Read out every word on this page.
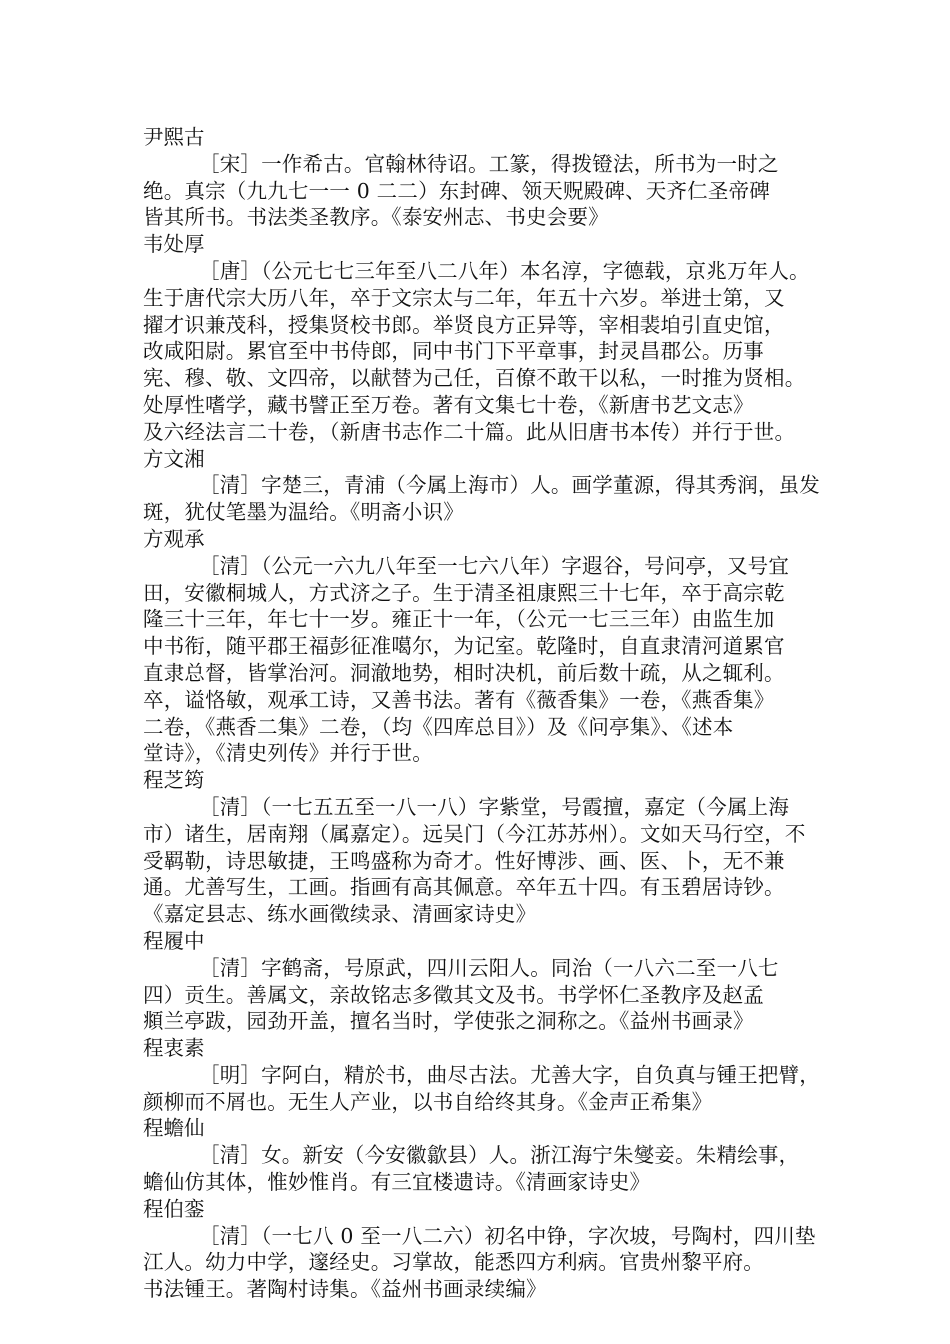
尹熙古
［宋］一作希古。官翰林待诏。工篆，得拨镫法，所书为一时之
绝。真宗（九九七一一 0 二二）东封碑、领天贶殿碑、天齐仁圣帝碑
皆其所书。书法类圣教序。《泰安州志、书史会要》
韦处厚
［唐］（公元七七三年至八二八年）本名淳，字德载，京兆万年人。
生于唐代宗大历八年，卒于文宗太与二年，年五十六岁。举进士第，又
擢才识兼茂科，授集贤校书郎。举贤良方正异等，宰相裴垍引直史馆，
改咸阳尉。累官至中书侍郎，同中书门下平章事，封灵昌郡公。历事
宪、穆、敬、文四帝，以献替为己任，百僚不敢干以私，一时推为贤相。
处厚性嗜学，藏书譬正至万卷。著有文集七十卷，《新唐书艺文志》
及六经法言二十卷，（新唐书志作二十篇。此从旧唐书本传）并行于世。
方文湘
［清］字楚三，青浦（今属上海市）人。画学董源，得其秀润，虽发
斑，犹仗笔墨为温给。《明斋小识》
方观承
［清］（公元一六九八年至一七六八年）字遐谷，号问亭，又号宜
田，安徽桐城人，方式济之子。生于清圣祖康熙三十七年，卒于高宗乾
隆三十三年，年七十一岁。雍正十一年，（公元一七三三年）由监生加
中书衔，随平郡王福彭征准噶尔，为记室。乾隆时，自直隶清河道累官
直隶总督，皆掌治河。洞澈地势，相时决机，前后数十疏，从之辄利。
卒，谥恪敏，观承工诗，又善书法。著有《薇香集》一卷，《燕香集》
二卷，《燕香二集》二卷，（均《四库总目》）及《问亭集》、《述本
堂诗》，《清史列传》并行于世。
程芝筠
［清］（一七五五至一八一八）字紫堂，号霞擅，嘉定（今属上海
市）诸生，居南翔（属嘉定）。远吴门（今江苏苏州）。文如天马行空，不
受羁勒，诗思敏捷，王鸣盛称为奇才。性好博涉、画、医、卜，无不兼
通。尤善写生，工画。指画有高其佩意。卒年五十四。有玉碧居诗钞。
《嘉定县志、练水画徵续录、清画家诗史》
程履中
［清］字鹤斋，号原武，四川云阳人。同治（一八六二至一八七
四）贡生。善属文，亲故铭志多徵其文及书。书学怀仁圣教序及赵孟
頫兰亭跋，园劲开盖，擅名当时，学使张之洞称之。《益州书画录》
程衷素
［明］字阿白，精於书，曲尽古法。尤善大字，自负真与锺王把臂，
颜柳而不屑也。无生人产业，以书自给终其身。《金声正希集》
程蟾仙
［清］女。新安（今安徽歙县）人。浙江海宁朱燮妾。朱精绘事，
蟾仙仿其体，惟妙惟肖。有三宜楼遗诗。《清画家诗史》
程伯銮
［清］（一七八 0 至一八二六）初名中铮，字次坡，号陶村，四川垫
江人。幼力中学，邃经史。习掌故，能悉四方利病。官贵州黎平府。
书法锺王。著陶村诗集。《益州书画录续编》
